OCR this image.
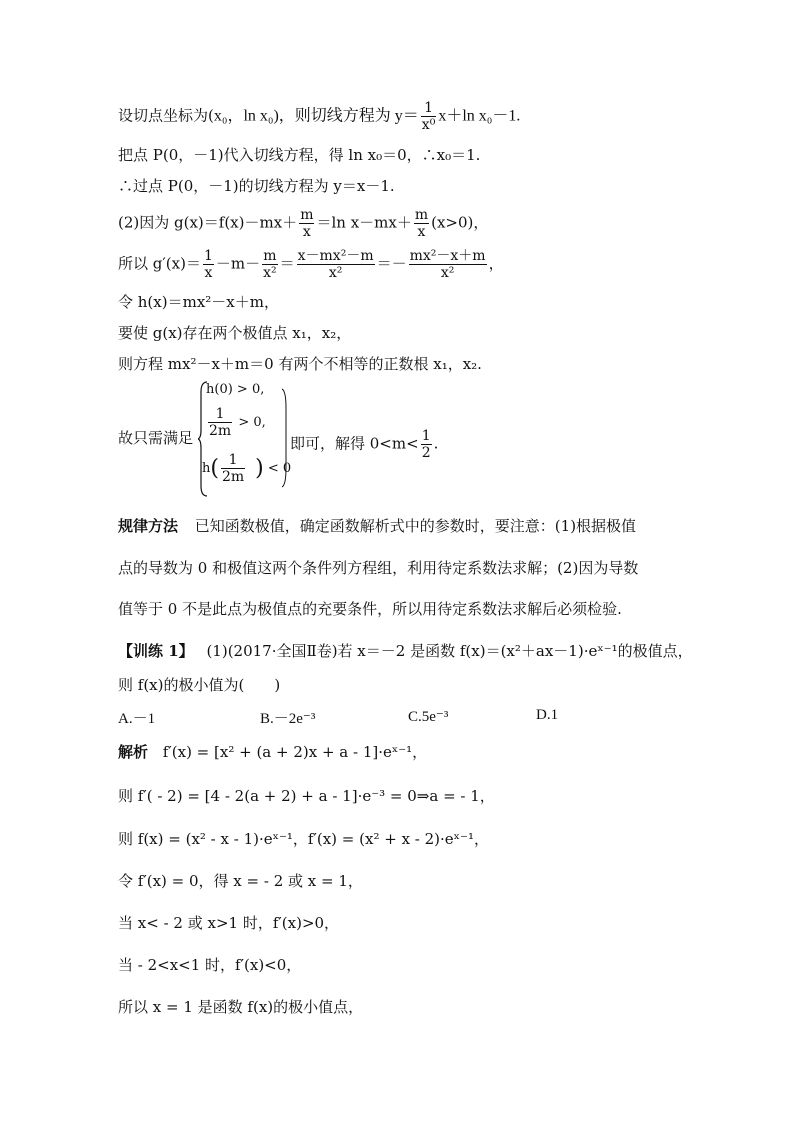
设切点坐标为(x₀，ln x₀)，则切线方程为 $y= \frac{1}{\text{x⁰}} x+\ln$ x₀－1.
把点 P(0，－1)代入切线方程，得 ln x₀＝0，∴x₀＝1.
∴过点 P(0，－1)的切线方程为 y＝x－1.
(2)因为 $g(x)=f(x)-mx+ \frac{m}{x} =\ln$ $x-mx+ \frac{m}{x} (x>0)$，
所以 $g'(x)= \frac{1}{x} -m- \frac{m}{\text{x²}} = \frac{\text{x－mx²－m}}{\text{x²}} =- \frac{\text{mx²－x＋m}}{\text{x²}}$ ，
令 h(x)＝mx²－x＋m，
要使 g(x)存在两个极值点 x₁，x₂，
则方程 mx²－x＋m＝0 有两个不相等的正数根 x₁，x₂.
故只需满足
h(0) > 0,
$\frac{1}{2m} > 0$,
$h( \frac{1}{2m}$ ) < 0
即可，解得 $0<m< \frac{1}{2}$ .
规律方法 已知函数极值，确定函数解析式中的参数时，要注意：(1)根据极值
点的导数为 0 和极值这两个条件列方程组，利用待定系数法求解；(2)因为导数
值等于 0 不是此点为极值点的充要条件，所以用待定系数法求解后必须检验.
【训练 1】 (1)(2017·全国Ⅱ卷)若 x＝－2 是函数 f(x)＝(x²＋ax－1)·eˣ⁻¹的极值点，
则 f(x)的极小值为(　　)
A.－1	B.－2e⁻³	C.5e⁻³	D.1
解析 f′(x) = [x² + (a + 2)x + a - 1]·eˣ⁻¹，
则 f′( - 2) = [4 - 2(a + 2) + a - 1]·e⁻³ = 0⇒a = - 1，
则 f(x) = (x² - x - 1)·eˣ⁻¹，f′(x) = (x² + x - 2)·eˣ⁻¹，
令 f′(x) = 0，得 x = - 2 或 x = 1，
当 x< - 2 或 x>1 时，f′(x)>0，
当 - 2<x<1 时，f′(x)<0，
所以 x = 1 是函数 f(x)的极小值点，
